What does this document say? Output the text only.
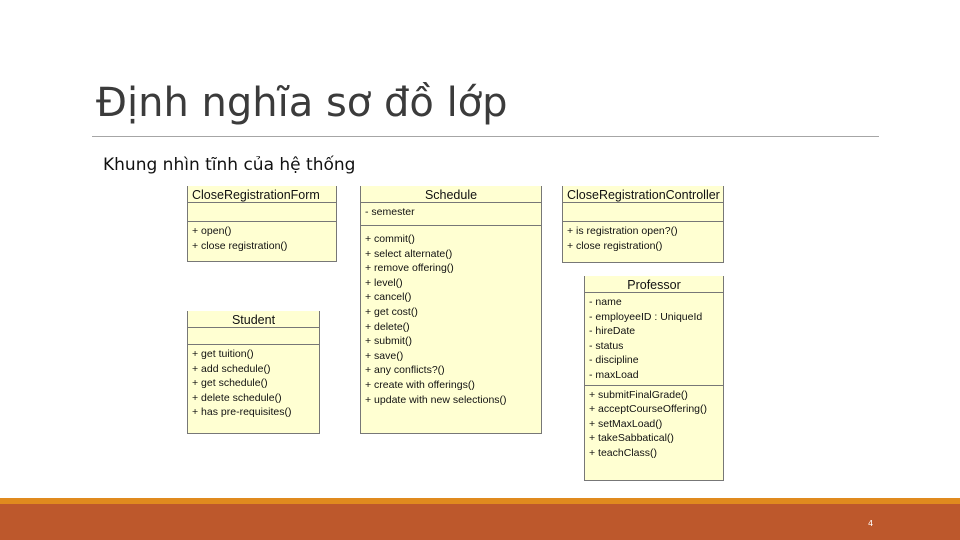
Định nghĩa sơ đồ lớp
Khung nhìn tĩnh của hệ thống
CloseRegistrationForm
+ open()
+ close registration()
Schedule
- semester
+ commit()
+ select alternate()
+ remove offering()
+ level()
+ cancel()
+ get cost()
+ delete()
+ submit()
+ save()
+ any conflicts?()
+ create with offerings()
+ update with new selections()
CloseRegistrationController
+ is registration open?()
+ close registration()
Student
+ get tuition()
+ add schedule()
+ get schedule()
+ delete schedule()
+ has pre-requisites()
Professor
- name
- employeeID : UniqueId
- hireDate
- status
- discipline
- maxLoad
+ submitFinalGrade()
+ acceptCourseOffering()
+ setMaxLoad()
+ takeSabbatical()
+ teachClass()
4
